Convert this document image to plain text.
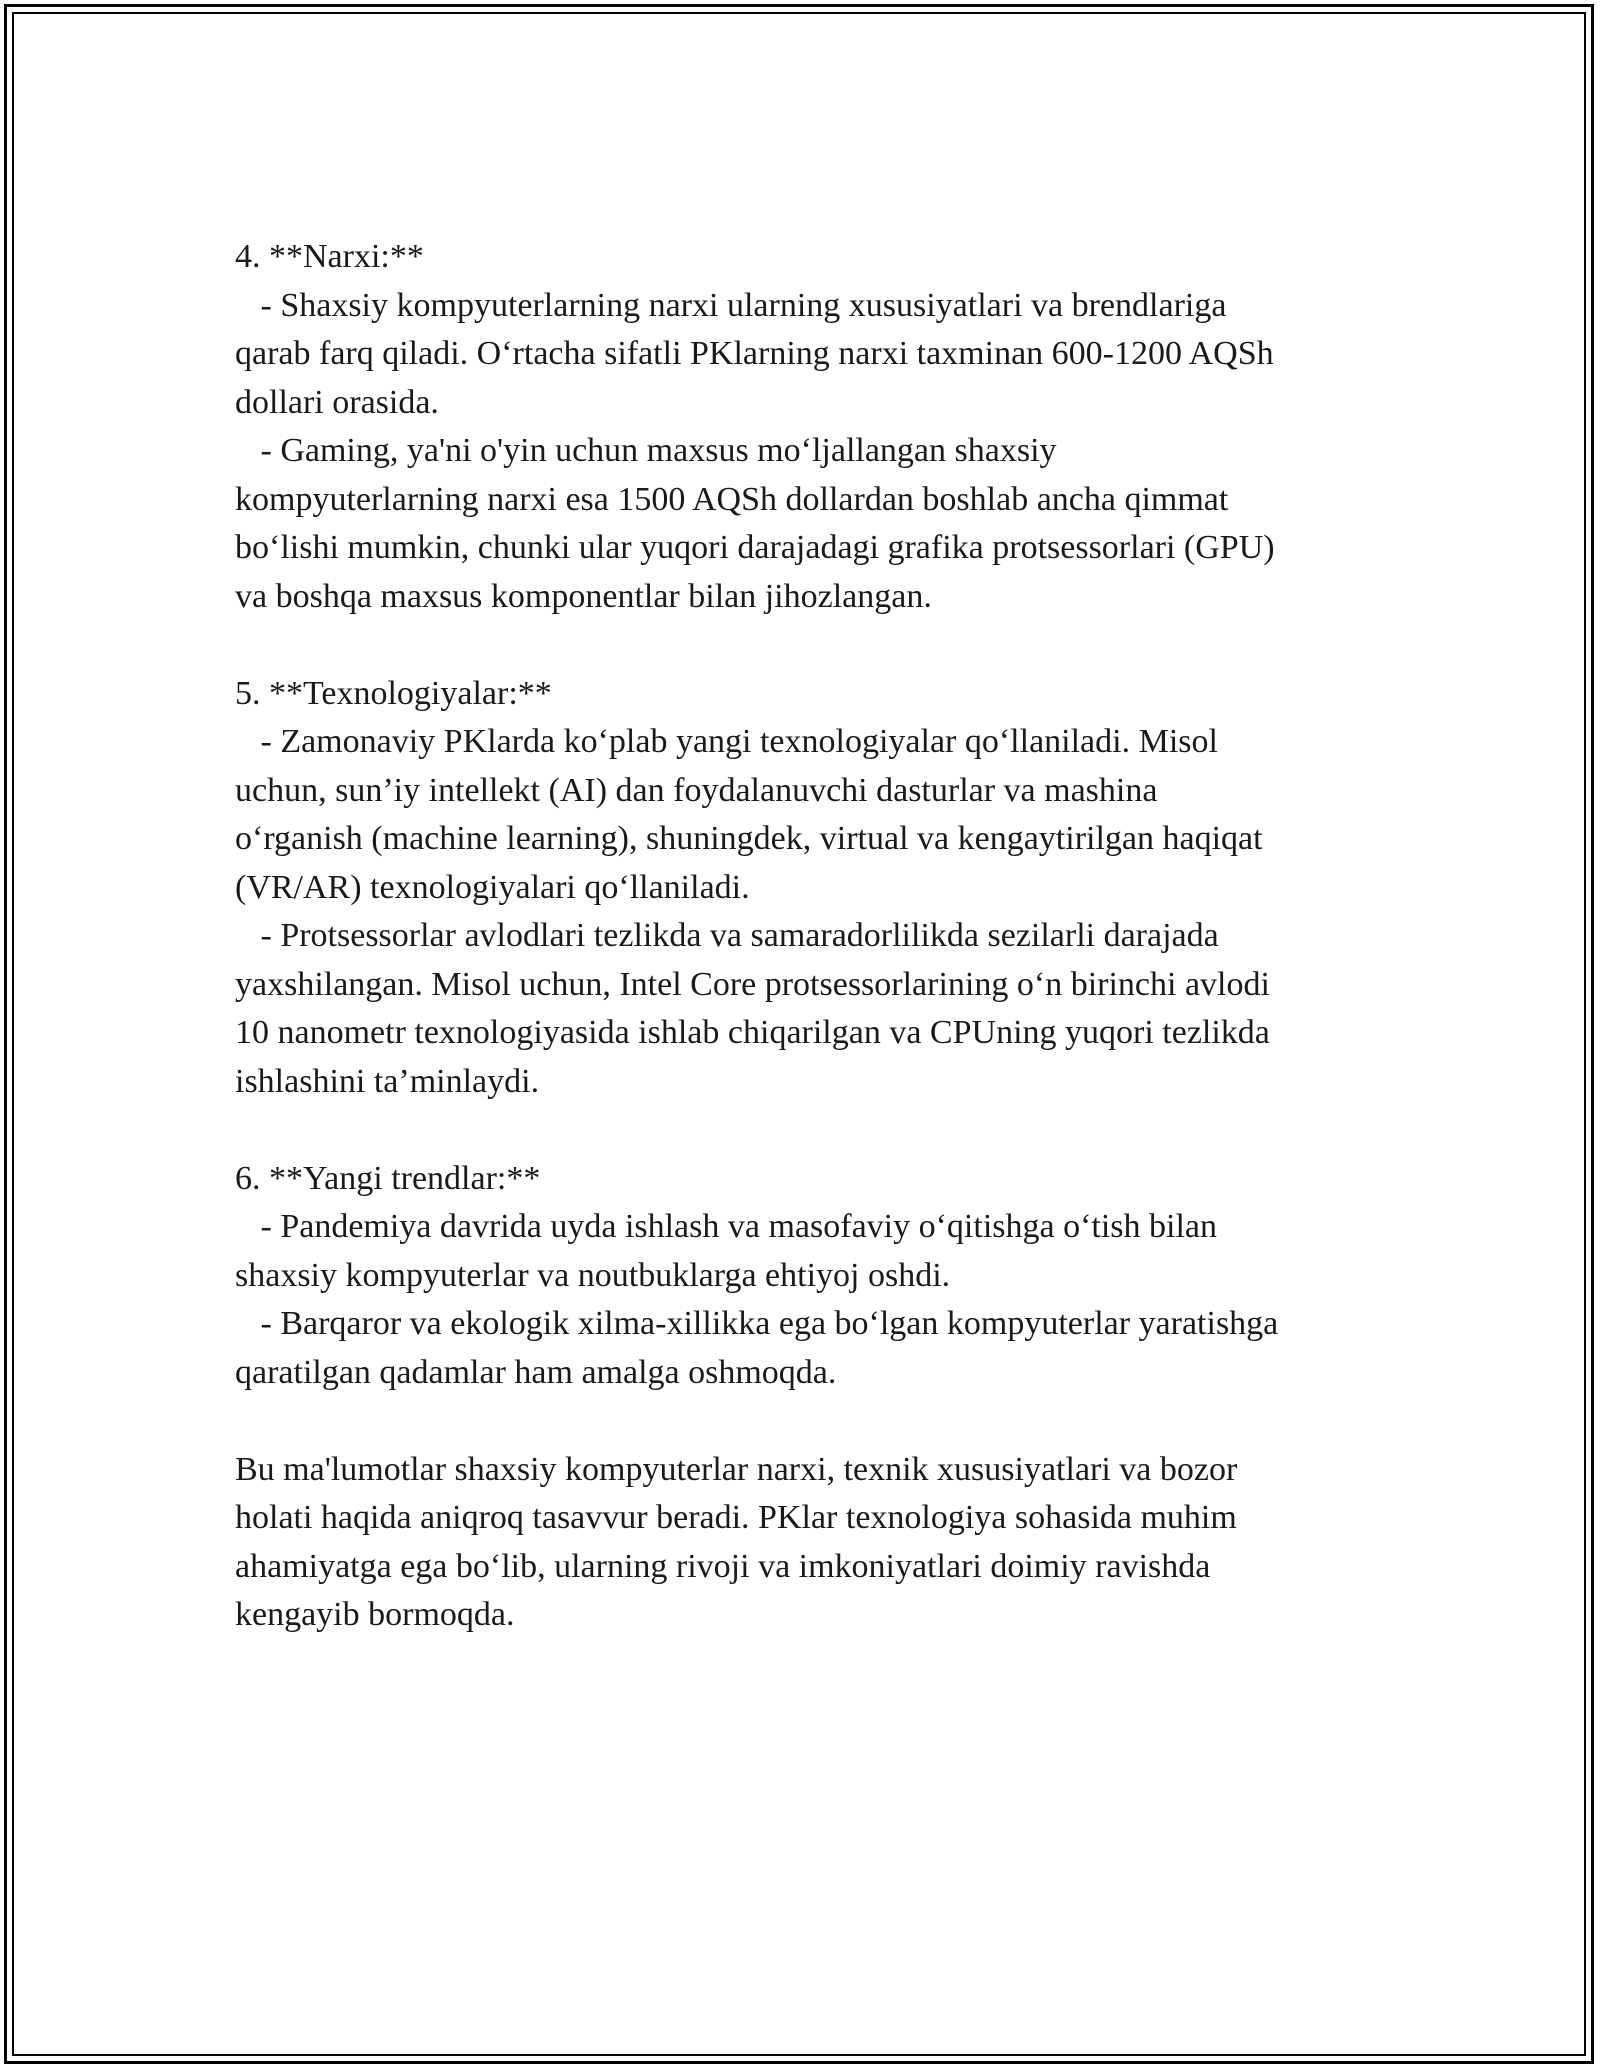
4. **Narxi:**
- Shaxsiy kompyuterlarning narxi ularning xususiyatlari va brendlariga
qarab farq qiladi. O‘rtacha sifatli PKlarning narxi taxminan 600-1200 AQSh
dollari orasida.
- Gaming, ya'ni o'yin uchun maxsus mo‘ljallangan shaxsiy
kompyuterlarning narxi esa 1500 AQSh dollardan boshlab ancha qimmat
bo‘lishi mumkin, chunki ular yuqori darajadagi grafika protsessorlari (GPU)
va boshqa maxsus komponentlar bilan jihozlangan.
5. **Texnologiyalar:**
- Zamonaviy PKlarda ko‘plab yangi texnologiyalar qo‘llaniladi. Misol
uchun, sun’iy intellekt (AI) dan foydalanuvchi dasturlar va mashina
o‘rganish (machine learning), shuningdek, virtual va kengaytirilgan haqiqat
(VR/AR) texnologiyalari qo‘llaniladi.
- Protsessorlar avlodlari tezlikda va samaradorlilikda sezilarli darajada
yaxshilangan. Misol uchun, Intel Core protsessorlarining o‘n birinchi avlodi
10 nanometr texnologiyasida ishlab chiqarilgan va CPUning yuqori tezlikda
ishlashini ta’minlaydi.
6. **Yangi trendlar:**
- Pandemiya davrida uyda ishlash va masofaviy o‘qitishga o‘tish bilan
shaxsiy kompyuterlar va noutbuklarga ehtiyoj oshdi.
- Barqaror va ekologik xilma-xillikka ega bo‘lgan kompyuterlar yaratishga
qaratilgan qadamlar ham amalga oshmoqda.
Bu ma'lumotlar shaxsiy kompyuterlar narxi, texnik xususiyatlari va bozor
holati haqida aniqroq tasavvur beradi. PKlar texnologiya sohasida muhim
ahamiyatga ega bo‘lib, ularning rivoji va imkoniyatlari doimiy ravishda
kengayib bormoqda.
